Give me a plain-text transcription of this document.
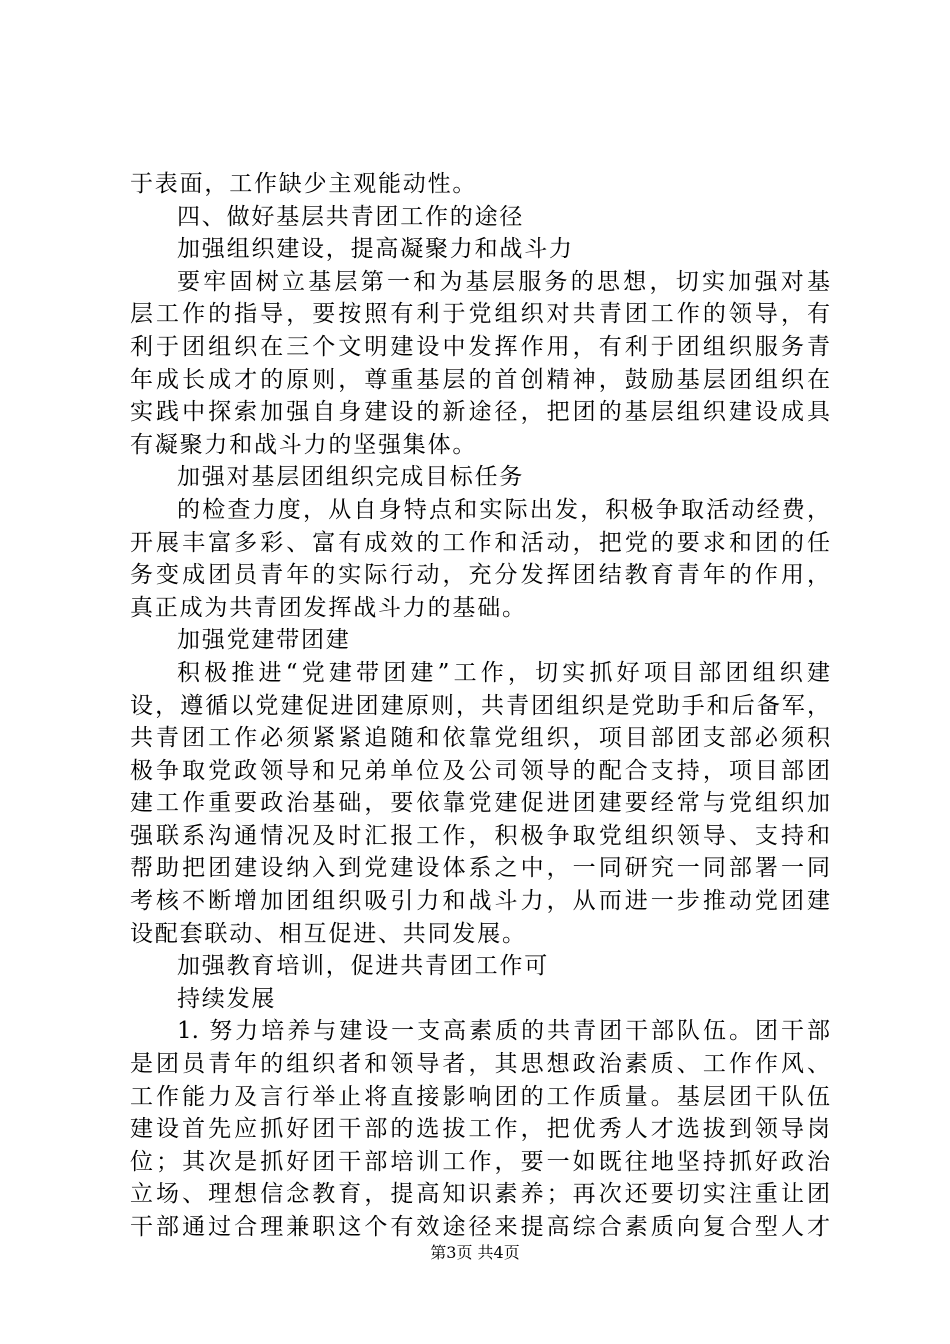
于表面，工作缺少主观能动性。
四、做好基层共青团工作的途径
加强组织建设，提高凝聚力和战斗力
要牢固树立基层第一和为基层服务的思想，切实加强对基
层工作的指导，要按照有利于党组织对共青团工作的领导，有
利于团组织在三个文明建设中发挥作用，有利于团组织服务青
年成长成才的原则，尊重基层的首创精神，鼓励基层团组织在
实践中探索加强自身建设的新途径，把团的基层组织建设成具
有凝聚力和战斗力的坚强集体。
加强对基层团组织完成目标任务
的检查力度，从自身特点和实际出发，积极争取活动经费，
开展丰富多彩、富有成效的工作和活动，把党的要求和团的任
务变成团员青年的实际行动，充分发挥团结教育青年的作用，
真正成为共青团发挥战斗力的基础。
加强党建带团建
积极推进“党建带团建”工作，切实抓好项目部团组织建
设，遵循以党建促进团建原则，共青团组织是党助手和后备军，
共青团工作必须紧紧追随和依靠党组织，项目部团支部必须积
极争取党政领导和兄弟单位及公司领导的配合支持，项目部团
建工作重要政治基础，要依靠党建促进团建要经常与党组织加
强联系沟通情况及时汇报工作，积极争取党组织领导、支持和
帮助把团建设纳入到党建设体系之中，一同研究一同部署一同
考核不断增加团组织吸引力和战斗力，从而进一步推动党团建
设配套联动、相互促进、共同发展。
加强教育培训，促进共青团工作可
持续发展
1. 努力培养与建设一支高素质的共青团干部队伍。团干部
是团员青年的组织者和领导者，其思想政治素质、工作作风、
工作能力及言行举止将直接影响团的工作质量。基层团干队伍
建设首先应抓好团干部的选拔工作，把优秀人才选拔到领导岗
位；其次是抓好团干部培训工作，要一如既往地坚持抓好政治
立场、理想信念教育，提高知识素养；再次还要切实注重让团
干部通过合理兼职这个有效途径来提高综合素质向复合型人才
第3页 共4页
